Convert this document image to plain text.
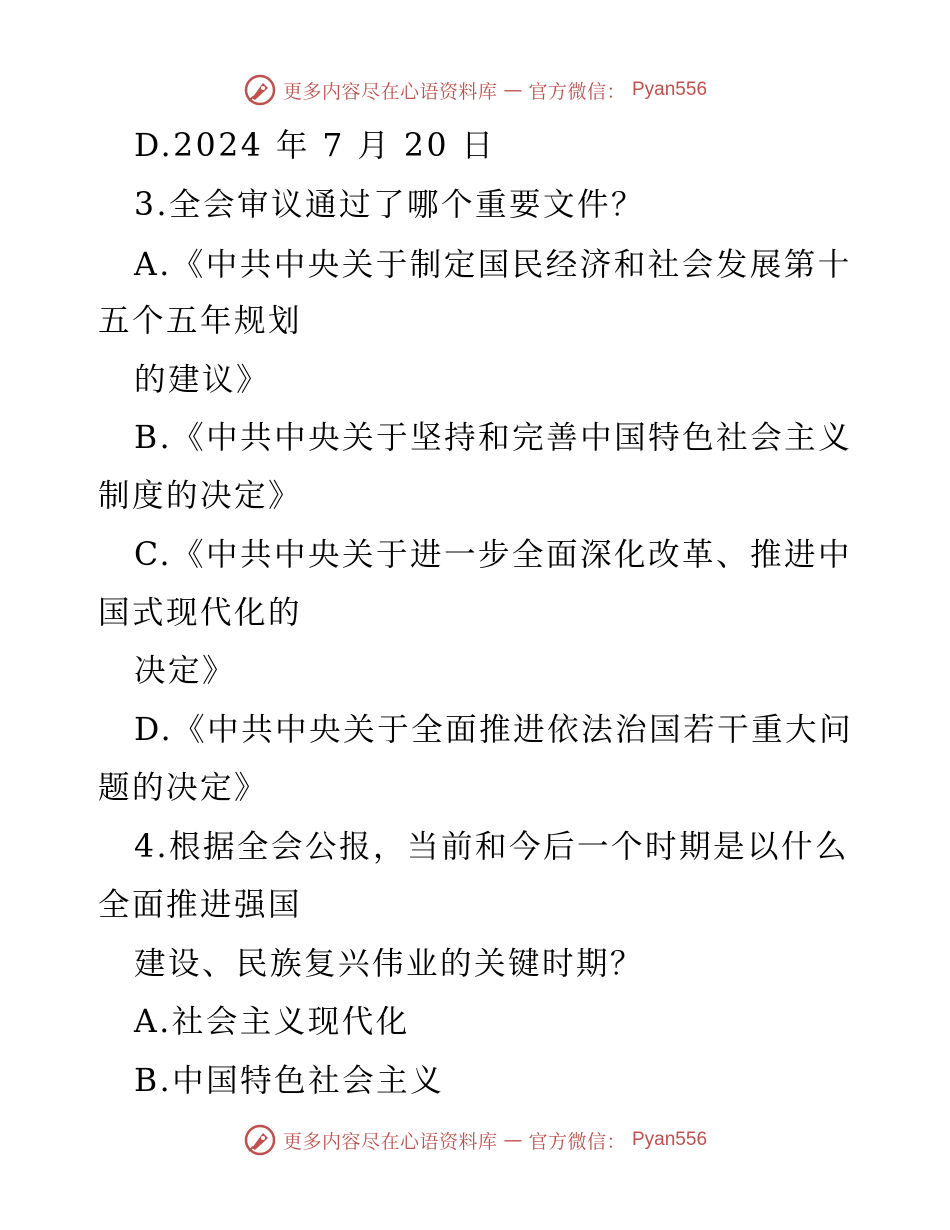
更多内容尽在心语资料库 — 官方微信： Pyan556
D.2024 年 7 月 20 日
3.全会审议通过了哪个重要文件？
A.《中共中央关于制定国民经济和社会发展第十
五个五年规划
的建议》
B.《中共中央关于坚持和完善中国特色社会主义
制度的决定》
C.《中共中央关于进一步全面深化改革、推进中
国式现代化的
决定》
D.《中共中央关于全面推进依法治国若干重大问
题的决定》
4.根据全会公报，当前和今后一个时期是以什么
全面推进强国
建设、民族复兴伟业的关键时期？
A.社会主义现代化
B.中国特色社会主义
更多内容尽在心语资料库 — 官方微信： Pyan556
